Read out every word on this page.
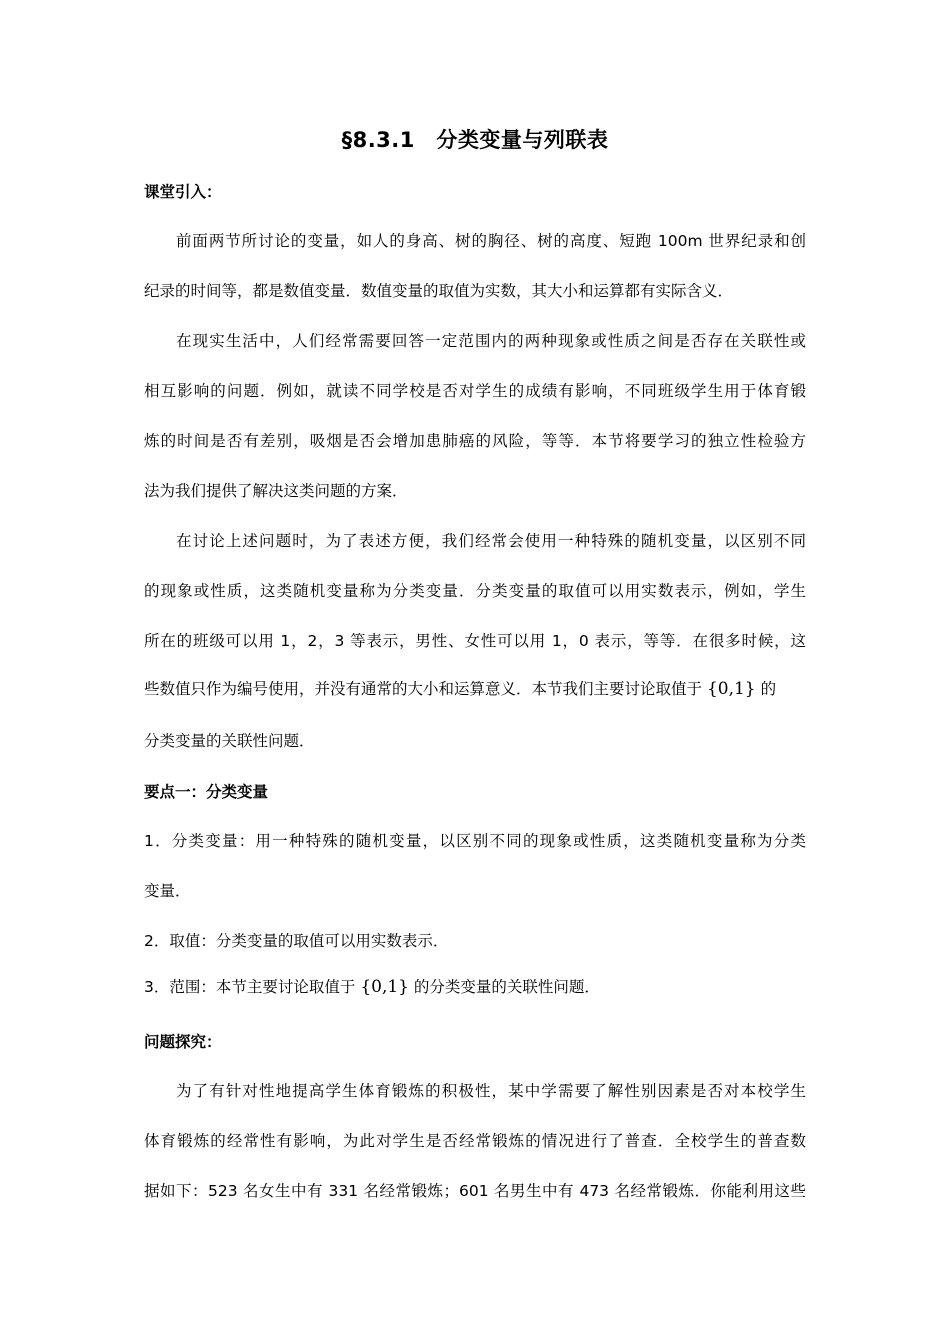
§8.3.1　分类变量与列联表
课堂引入：
前面两节所讨论的变量，如人的身高、树的胸径、树的高度、短跑 100m 世界纪录和创
纪录的时间等，都是数值变量．数值变量的取值为实数，其大小和运算都有实际含义．
在现实生活中，人们经常需要回答一定范围内的两种现象或性质之间是否存在关联性或
相互影响的问题．例如，就读不同学校是否对学生的成绩有影响，不同班级学生用于体育锻
炼的时间是否有差别，吸烟是否会增加患肺癌的风险，等等．本节将要学习的独立性检验方
法为我们提供了解决这类问题的方案．
在讨论上述问题时，为了表述方便，我们经常会使用一种特殊的随机变量，以区别不同
的现象或性质，这类随机变量称为分类变量．分类变量的取值可以用实数表示，例如，学生
所在的班级可以用 1，2，3 等表示，男性、女性可以用 1，0 表示，等等．在很多时候，这
些数值只作为编号使用，并没有通常的大小和运算意义．本节我们主要讨论取值于 {0,1} 的
分类变量的关联性问题．
要点一：分类变量
1．分类变量：用一种特殊的随机变量，以区别不同的现象或性质，这类随机变量称为分类
变量．
2．取值：分类变量的取值可以用实数表示．
3．范围：本节主要讨论取值于 {0,1} 的分类变量的关联性问题．
问题探究：
为了有针对性地提高学生体育锻炼的积极性，某中学需要了解性别因素是否对本校学生
体育锻炼的经常性有影响，为此对学生是否经常锻炼的情况进行了普查．全校学生的普查数
据如下：523 名女生中有 331 名经常锻炼；601 名男生中有 473 名经常锻炼．你能利用这些
